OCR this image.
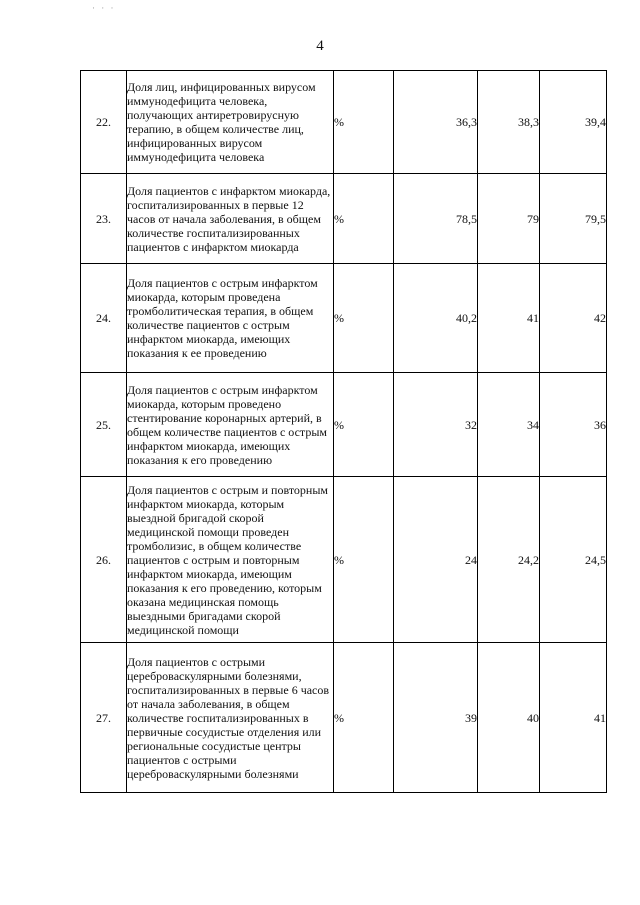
· · ·
4
22.	Доля лиц, инфицированных вирусом иммунодефицита человека, получающих антиретровирусную терапию, в общем количестве лиц, инфицированных вирусом иммунодефицита человека	%	36,3	38,3	39,4
23.	Доля пациентов с инфарктом миокарда, госпитализированных в первые 12 часов от начала заболевания, в общем количестве госпитализированных пациентов с инфарктом миокарда	%	78,5	79	79,5
24.	Доля пациентов с острым инфарктом миокарда, которым проведена тромболитическая терапия, в общем количестве пациентов с острым инфарктом миокарда, имеющих показания к ее проведению	%	40,2	41	42
25.	Доля пациентов с острым инфарктом миокарда, которым проведено стентирование коронарных артерий, в общем количестве пациентов с острым инфарктом миокарда, имеющих показания к его проведению	%	32	34	36
26.	Доля пациентов с острым и повторным инфарктом миокарда, которым выездной бригадой скорой медицинской помощи проведен тромболизис, в общем количестве пациентов с острым и повторным инфарктом миокарда, имеющим показания к его проведению, которым оказана медицинская помощь выездными бригадами скорой медицинской помощи	%	24	24,2	24,5
27.	Доля пациентов с острыми цереброваскулярными болезнями, госпитализированных в первые 6 часов от начала заболевания, в общем количестве госпитализированных в первичные сосудистые отделения или региональные сосудистые центры пациентов с острыми цереброваскулярными болезнями	%	39	40	41
